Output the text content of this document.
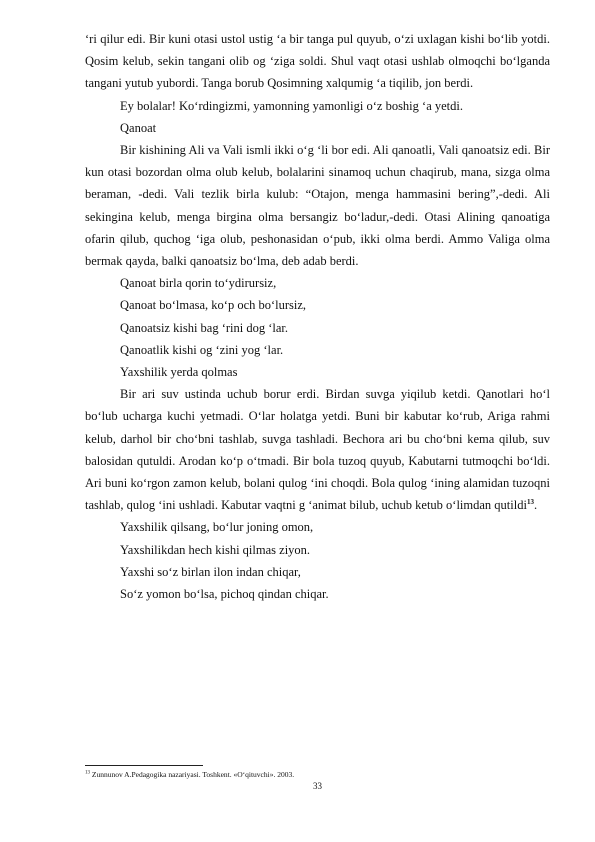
‘ri qilur edi. Bir kuni otasi ustol ustig ‘a bir tanga pul quyub, o‘zi uxlagan kishi bo‘lib yotdi. Qosim kelub, sekin tangani olib og ‘ziga soldi. Shul vaqt otasi ushlab olmoqchi bo‘lganda tangani yutub yubordi. Tanga borub Qosimning xalqumig ‘a tiqilib, jon berdi.

Ey bolalar! Ko‘rdingizmi, yamonning yamonligi o‘z boshig ‘a yetdi.

Qanoat

Bir kishining Ali va Vali ismli ikki o‘g ‘li bor edi. Ali qanoatli, Vali qanoatsiz edi. Bir kun otasi bozordan olma olub kelub, bolalarini sinamoq uchun chaqirub, mana, sizga olma beraman, -dedi. Vali tezlik birla kulub: “Otajon, menga hammasini bering”,-dedi. Ali sekingina kelub, menga birgina olma bersangiz bo‘ladur,-dedi. Otasi Alining qanoatiga ofarin qilub, quchog ‘iga olub, peshonasidan o‘pub, ikki olma berdi. Ammo Valiga olma bermak qayda, balki qanoatsiz bo‘lma, deb adab berdi.

Qanoat birla qorin to‘ydirursiz,

Qanoat bo‘lmasa, ko‘p och bo‘lursiz,

Qanoatsiz kishi bag ‘rini dog ‘lar.

Qanoatlik kishi og ‘zini yog ‘lar.

Yaxshilik yerda qolmas

Bir ari suv ustinda uchub borur erdi. Birdan suvga yiqilub ketdi. Qanotlari ho‘l bo‘lub ucharga kuchi yetmadi. O‘lar holatga yetdi. Buni bir kabutar ko‘rub, Ariga rahmi kelub, darhol bir cho‘bni tashlab, suvga tashladi. Bechora ari bu cho‘bni kema qilub, suv balosidan qutuldi. Arodan ko‘p o‘tmadi. Bir bola tuzoq quyub, Kabutarni tutmoqchi bo‘ldi. Ari buni ko‘rgon zamon kelub, bolani qulog ‘ini choqdi. Bola qulog ‘ining alamidan tuzoqni tashlab, qulog ‘ini ushladi. Kabutar vaqtni g ‘animat bilub, uchub ketub o‘limdan qutildi$^{13}$.

Yaxshilik qilsang, bo‘lur joning omon,

Yaxshilikdan hech kishi qilmas ziyon.

Yaxshi so‘z birlan ilon indan chiqar,

So‘z yomon bo‘lsa, pichoq qindan chiqar.

$^{13}$ Zunnunov A.Pedagogika nazariyasi. Toshkent. «O‘qituvchi». 2003.
33
